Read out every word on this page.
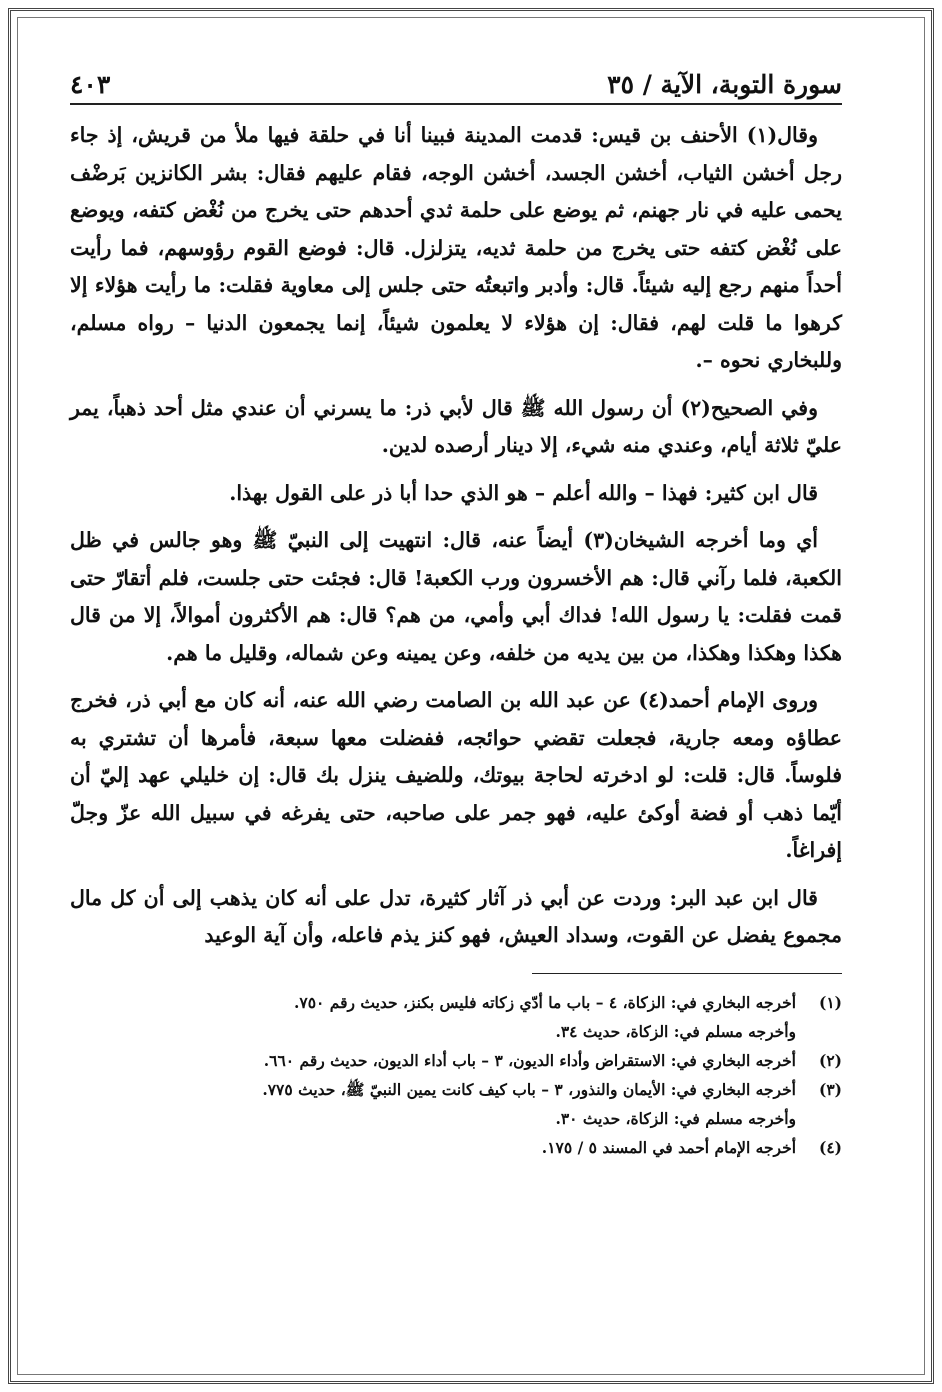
سورة التوبة، الآية / ٣٥
٤٠٣

وقال(١) الأحنف بن قيس: قدمت المدينة فبينا أنا في حلقة فيها ملأ من قريش، إذ جاء رجل أخشن الثياب، أخشن الجسد، أخشن الوجه، فقام عليهم فقال: بشر الكانزين بَرضْف يحمى عليه في نار جهنم، ثم يوضع على حلمة ثدي أحدهم حتى يخرج من نُغْض كتفه، ويوضع على نُغْض كتفه حتى يخرج من حلمة ثديه، يتزلزل. قال: فوضع القوم رؤوسهم، فما رأيت أحداً منهم رجع إليه شيئاً. قال: وأدبر واتبعتُه حتى جلس إلى معاوية فقلت: ما رأيت هؤلاء إلا كرهوا ما قلت لهم، فقال: إن هؤلاء لا يعلمون شيئاً، إنما يجمعون الدنيا – رواه مسلم، وللبخاري نحوه –.

وفي الصحيح(٢) أن رسول الله ﷺ قال لأبي ذر: ما يسرني أن عندي مثل أحد ذهباً، يمر عليّ ثلاثة أيام، وعندي منه شيء، إلا دينار أرصده لدين.

قال ابن كثير: فهذا – والله أعلم – هو الذي حدا أبا ذر على القول بهذا.

أي وما أخرجه الشيخان(٣) أيضاً عنه، قال: انتهيت إلى النبيّ ﷺ وهو جالس في ظل الكعبة، فلما رآني قال: هم الأخسرون ورب الكعبة! قال: فجئت حتى جلست، فلم أتقارّ حتى قمت فقلت: يا رسول الله! فداك أبي وأمي، من هم؟ قال: هم الأكثرون أموالاً، إلا من قال هكذا وهكذا وهكذا، من بين يديه من خلفه، وعن يمينه وعن شماله، وقليل ما هم.

وروى الإمام أحمد(٤) عن عبد الله بن الصامت رضي الله عنه، أنه كان مع أبي ذر، فخرج عطاؤه ومعه جارية، فجعلت تقضي حوائجه، ففضلت معها سبعة، فأمرها أن تشتري به فلوساً. قال: قلت: لو ادخرته لحاجة بيوتك، وللضيف ينزل بك قال: إن خليلي عهد إليّ أن أيّما ذهب أو فضة أوكئ عليه، فهو جمر على صاحبه، حتى يفرغه في سبيل الله عزّ وجلّ إفراغاً.

قال ابن عبد البر: وردت عن أبي ذر آثار كثيرة، تدل على أنه كان يذهب إلى أن كل مال مجموع يفضل عن القوت، وسداد العيش، فهو كنز يذم فاعله، وأن آية الوعيد

(١)أخرجه البخاري في: الزكاة، ٤ – باب ما أدّي زكاته فليس بكنز، حديث رقم ٧٥٠.

وأخرجه مسلم في: الزكاة، حديث ٣٤.

(٢)أخرجه البخاري في: الاستقراض وأداء الديون، ٣ – باب أداء الديون، حديث رقم ٦٦٠.

(٣)أخرجه البخاري في: الأيمان والنذور، ٣ – باب كيف كانت يمين النبيّ ﷺ، حديث ٧٧٥.

وأخرجه مسلم في: الزكاة، حديث ٣٠.

(٤)أخرجه الإمام أحمد في المسند ٥ / ١٧٥.
